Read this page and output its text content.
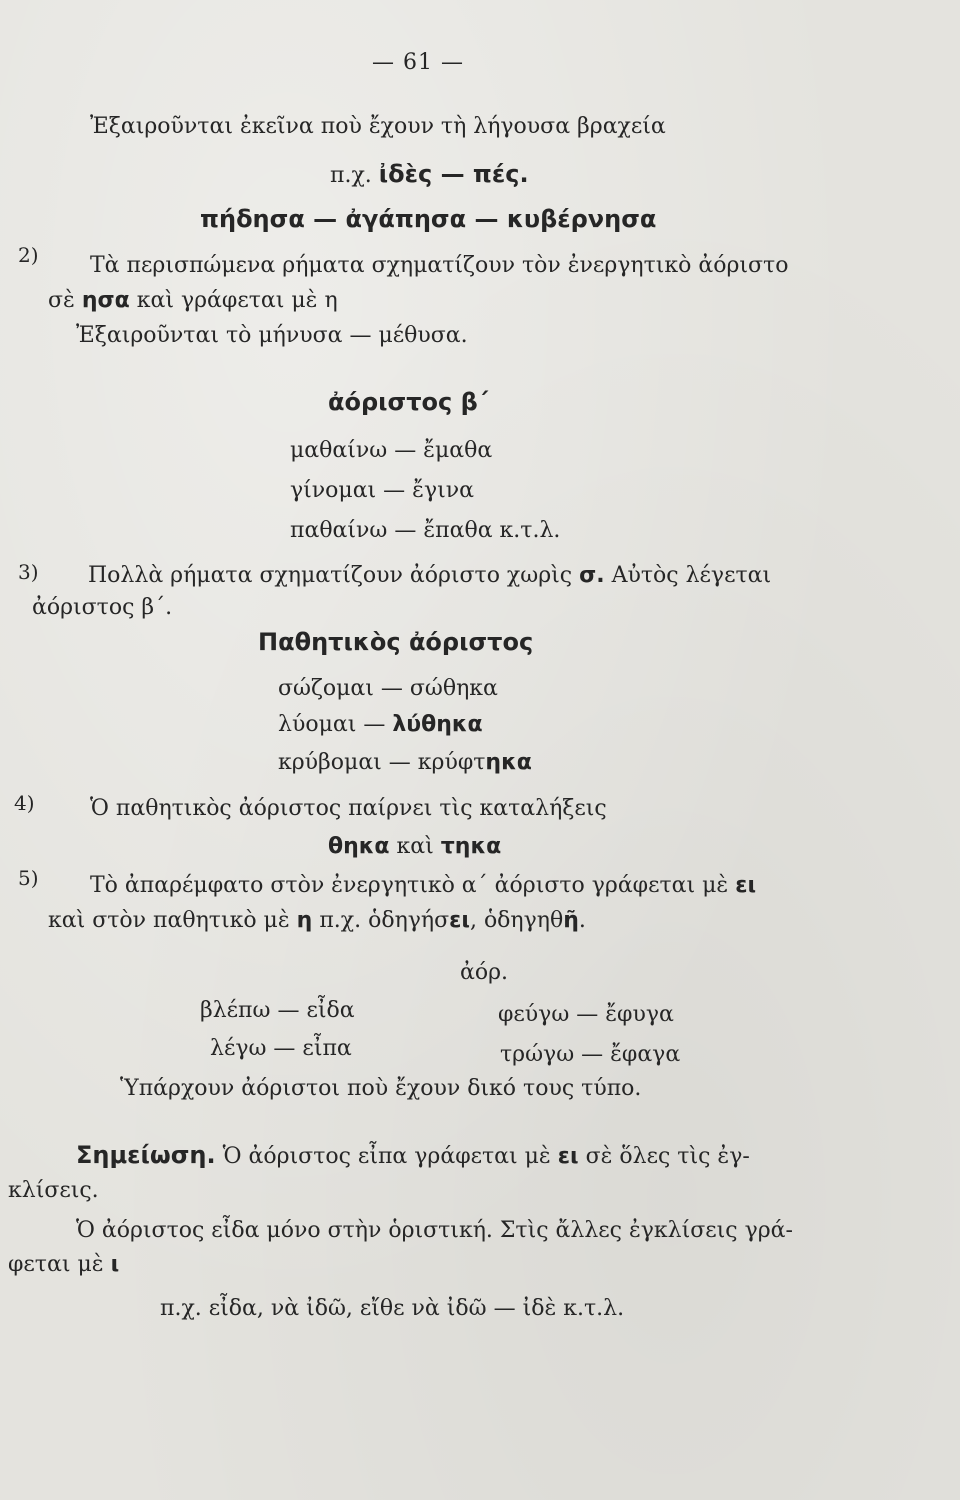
— 61 —
Ἐξαιροῦνται ἐκεῖνα ποὺ ἔχουν τὴ λήγουσα βραχεία
π.χ. ἰδὲς — πές.
πήδησα — ἀγάπησα — κυβέρνησα
2) Τὰ περισπώμενα ρήματα σχηματίζουν τὸν ἐνεργητικὸ ἀόριστο
σὲ ησα καὶ γράφεται μὲ η
Ἐξαιροῦνται τὸ μήνυσα — μέθυσα.
ἀόριστος β΄
μαθαίνω — ἔμαθα
γίνομαι — ἔγινα
παθαίνω — ἔπαθα κ.τ.λ.
3) Πολλὰ ρήματα σχηματίζουν ἀόριστο χωρὶς σ. Αὐτὸς λέγεται
ἀόριστος β΄.
Παθητικὸς ἀόριστος
σώζομαι — σώθηκα
λύομαι — λύθηκα
κρύβομαι — κρύφτηκα
4)	Ὁ παθητικὸς ἀόριστος παίρνει τὶς καταλήξεις
θηκα καὶ τηκα
5) Τὸ ἀπαρέμφατο στὸν ἐνεργητικὸ α΄ ἀόριστο γράφεται μὲ ει
καὶ στὸν παθητικὸ μὲ η π.χ. ὁδηγήσει, ὁδηγηθῆ.
ἀόρ.
βλέπω — εἶδα	φεύγω — ἔφυγα
λέγω — εἶπα	τρώγω — ἔφαγα
Ὑπάρχουν ἀόριστοι ποὺ ἔχουν δικό τους τύπο.
Σημείωση. Ὁ ἀόριστος εἶπα γράφεται μὲ ει σὲ ὅλες τὶς ἐγ-
κλίσεις.
Ὁ ἀόριστος εἶδα μόνο στὴν ὁριστική. Στὶς ἄλλες ἐγκλίσεις γρά-
φεται μὲ ι
π.χ. εἶδα, νὰ ἰδῶ, εἴθε νὰ ἰδῶ — ἰδὲ κ.τ.λ.
